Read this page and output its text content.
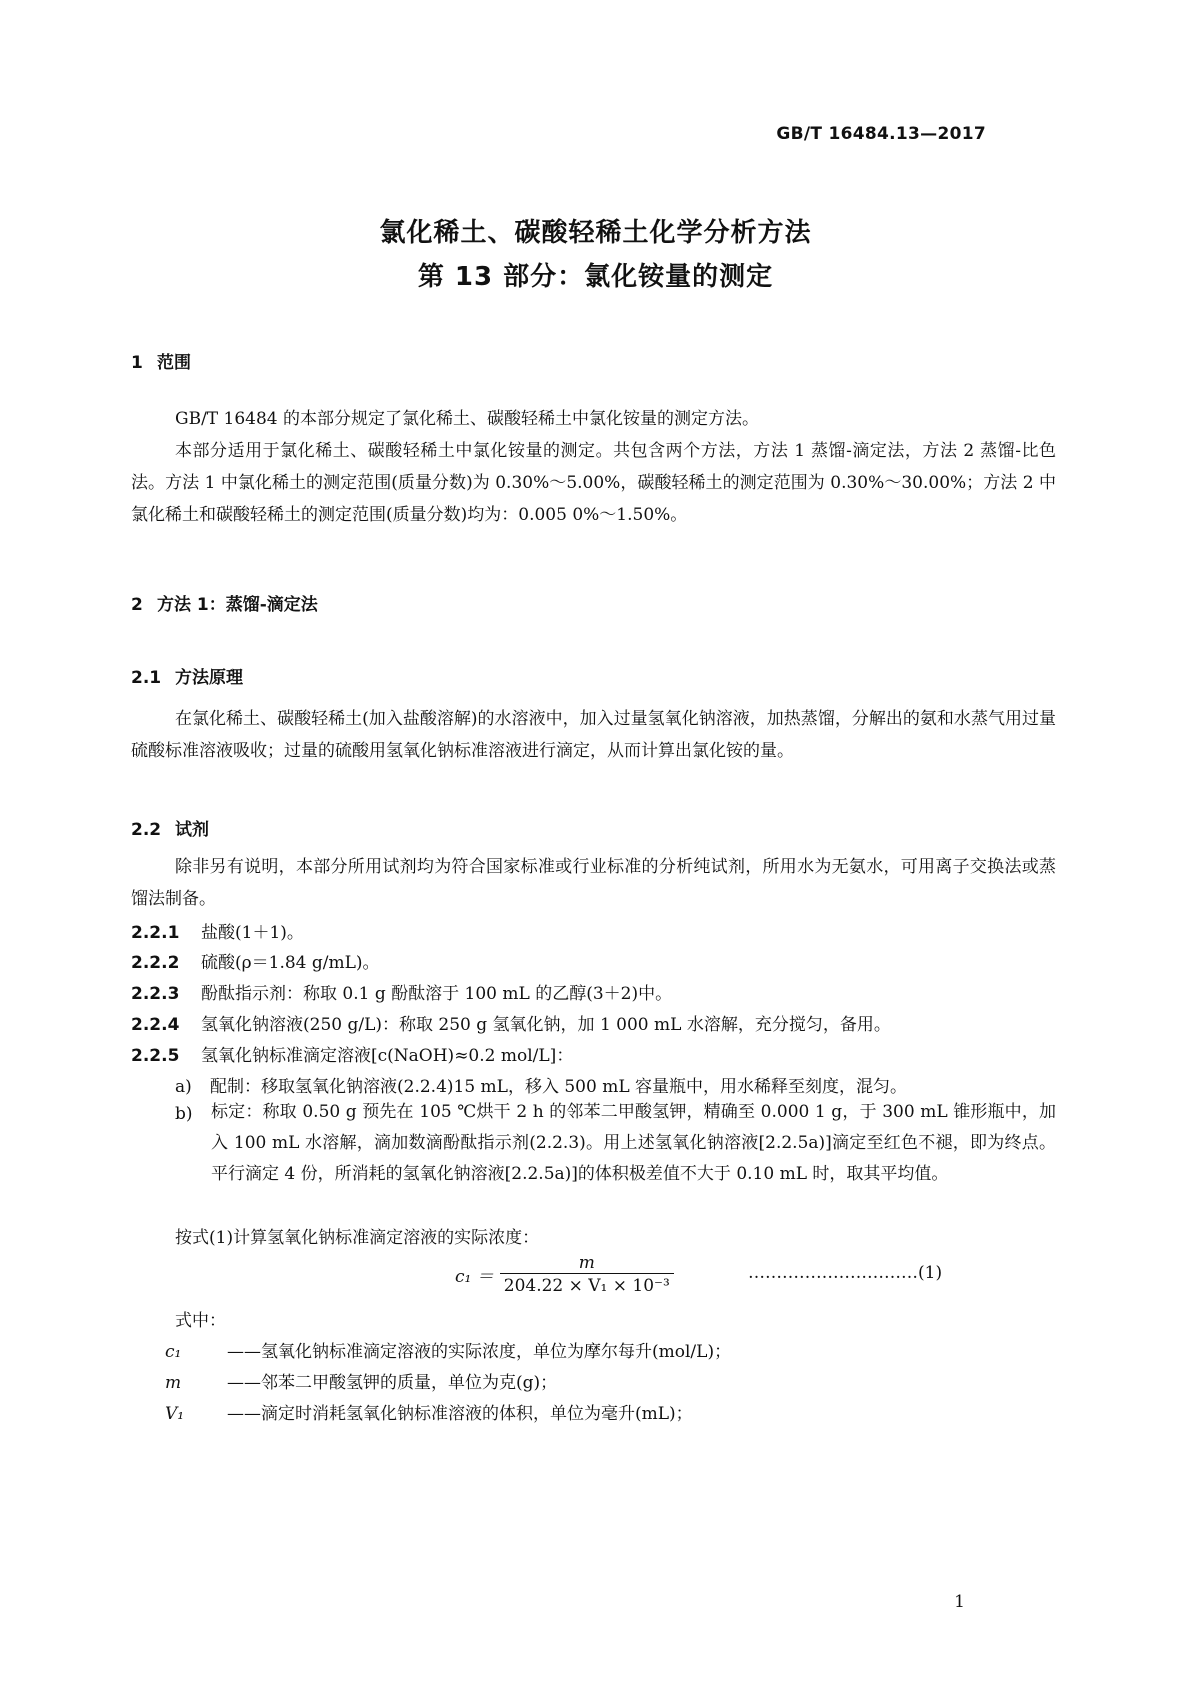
GB/T 16484.13—2017
氯化稀土、碳酸轻稀土化学分析方法
第 13 部分：氯化铵量的测定
1 范围
GB/T 16484 的本部分规定了氯化稀土、碳酸轻稀土中氯化铵量的测定方法。
本部分适用于氯化稀土、碳酸轻稀土中氯化铵量的测定。共包含两个方法，方法 1 蒸馏-滴定法，方法 2 蒸馏-比色法。方法 1 中氯化稀土的测定范围(质量分数)为 0.30%～5.00%，碳酸轻稀土的测定范围为 0.30%～30.00%；方法 2 中氯化稀土和碳酸轻稀土的测定范围(质量分数)均为：0.005 0%～1.50%。
2 方法 1：蒸馏-滴定法
2.1 方法原理
在氯化稀土、碳酸轻稀土(加入盐酸溶解)的水溶液中，加入过量氢氧化钠溶液，加热蒸馏，分解出的氨和水蒸气用过量硫酸标准溶液吸收；过量的硫酸用氢氧化钠标准溶液进行滴定，从而计算出氯化铵的量。
2.2 试剂
除非另有说明，本部分所用试剂均为符合国家标准或行业标准的分析纯试剂，所用水为无氨水，可用离子交换法或蒸馏法制备。
2.2.1 盐酸(1＋1)。
2.2.2 硫酸(ρ＝1.84 g/mL)。
2.2.3 酚酞指示剂：称取 0.1 g 酚酞溶于 100 mL 的乙醇(3＋2)中。
2.2.4 氢氧化钠溶液(250 g/L)：称取 250 g 氢氧化钠，加 1 000 mL 水溶解，充分搅匀，备用。
2.2.5 氢氧化钠标准滴定溶液[c(NaOH)≈0.2 mol/L]：
a) 配制：移取氢氧化钠溶液(2.2.4)15 mL，移入 500 mL 容量瓶中，用水稀释至刻度，混匀。
b)	标定：称取 0.50 g 预先在 105 ℃烘干 2 h 的邻苯二甲酸氢钾，精确至 0.000 1 g，于 300 mL 锥形瓶中，加入 100 mL 水溶解，滴加数滴酚酞指示剂(2.2.3)。用上述氢氧化钠溶液[2.2.5a)]滴定至红色不褪，即为终点。平行滴定 4 份，所消耗的氢氧化钠溶液[2.2.5a)]的体积极差值不大于 0.10 mL 时，取其平均值。
按式(1)计算氢氧化钠标准滴定溶液的实际浓度：
$c_1 = \frac{m}{\text{204.22 × V₁ × 10⁻³}}$	…………………………(1)
式中：
c₁	——氢氧化钠标准滴定溶液的实际浓度，单位为摩尔每升(mol/L)；
m	——邻苯二甲酸氢钾的质量，单位为克(g)；
V₁	——滴定时消耗氢氧化钠标准溶液的体积，单位为毫升(mL)；
1
